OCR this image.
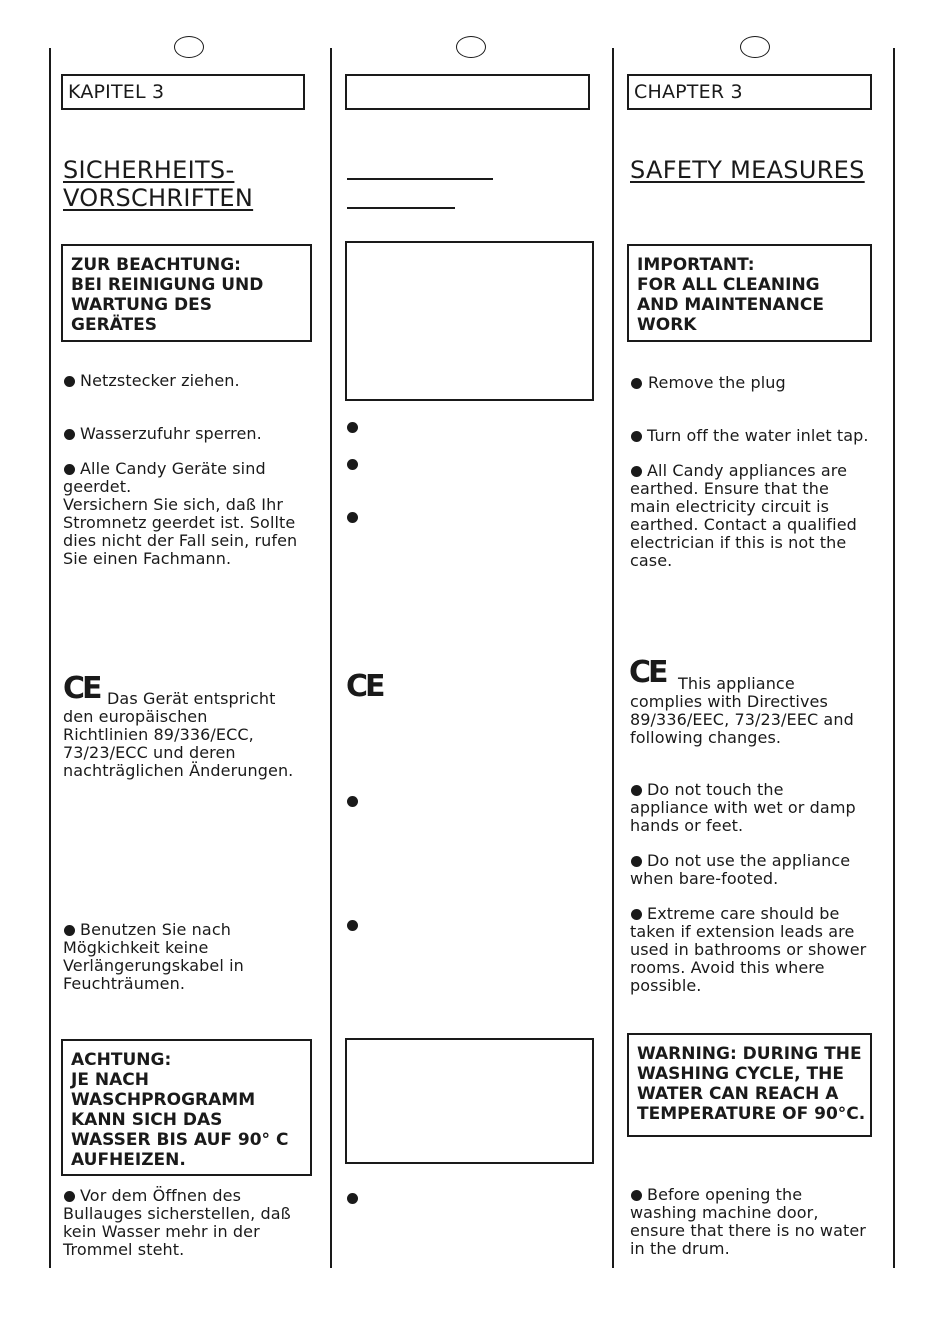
KAPITEL 3
SICHERHEITS-
VORSCHRIFTEN
ZUR BEACHTUNG:
BEI REINIGUNG UND
WARTUNG DES
GERÄTES
Netzstecker ziehen.
Wasserzufuhr sperren.
Alle Candy Geräte sind
geerdet.
Versichern Sie sich, daß Ihr
Stromnetz geerdet ist. Sollte
dies nicht der Fall sein, rufen
Sie einen Fachmann.
CE Das Gerät entspricht
den europäischen
Richtlinien 89/336/ECC,
73/23/ECC und deren
nachträglichen Änderungen.
Benutzen Sie nach
Mögkichkeit keine
Verlängerungskabel in
Feuchträumen.
ACHTUNG:
JE NACH
WASCHPROGRAMM
KANN SICH DAS
WASSER BIS AUF 90° C
AUFHEIZEN.
Vor dem Öffnen des
Bullauges sicherstellen, daß
kein Wasser mehr in der
Trommel steht.
CE
CHAPTER 3
SAFETY MEASURES
IMPORTANT:
FOR ALL CLEANING
AND MAINTENANCE
WORK
Remove the plug
Turn off the water inlet tap.
All Candy appliances are
earthed. Ensure that the
main electricity circuit is
earthed. Contact a qualified
electrician if this is not the
case.
CE This appliance
complies with Directives
89/336/EEC, 73/23/EEC and
following changes.
Do not touch the
appliance with wet or damp
hands or feet.
Do not use the appliance
when bare-footed.
Extreme care should be
taken if extension leads are
used in bathrooms or shower
rooms. Avoid this where
possible.
WARNING: DURING THE
WASHING CYCLE, THE
WATER CAN REACH A
TEMPERATURE OF 90°C.
Before opening the
washing machine door,
ensure that there is no water
in the drum.
